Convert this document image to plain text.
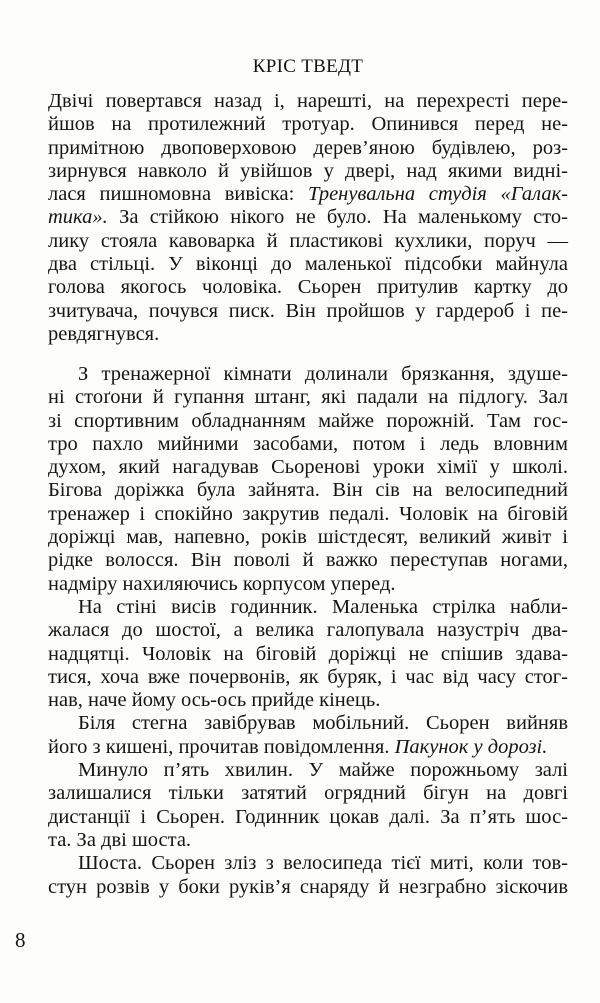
КРІС ТВЕДТ
Двічі повертався назад і, нарешті, на перехресті пере-
йшов на протилежний тротуар. Опинився перед не-
примітною двоповерховою дерев’яною будівлею, роз-
зирнувся навколо й увійшов у двері, над якими видні-
лася пишномовна вивіска: Тренувальна студія «Галак-
тика». За стійкою нікого не було. На маленькому сто-
лику стояла кавоварка й пластикові кухлики, поруч —
два стільці. У віконці до маленької підсобки майнула
голова якогось чоловіка. Сьорен притулив картку до
зчитувача, почувся писк. Він пройшов у гардероб і пе-
ревдягнувся.
З тренажерної кімнати долинали брязкання, здуше-
ні стоґони й гупання штанг, які падали на підлогу. Зал
зі спортивним обладнанням майже порожній. Там гос-
тро пахло мийними засобами, потом і ледь вловним
духом, який нагадував Сьоренові уроки хімії у школі.
Бігова доріжка була зайнята. Він сів на велосипедний
тренажер і спокійно закрутив педалі. Чоловік на біговій
доріжці мав, напевно, років шістдесят, великий живіт і
рідке волосся. Він поволі й важко переступав ногами,
надміру нахиляючись корпусом уперед.
На стіні висів годинник. Маленька стрілка набли-
жалася до шостої, а велика галопувала назустріч два-
надцятці. Чоловік на біговій доріжці не спішив здава-
тися, хоча вже почервонів, як буряк, і час від часу стог-
нав, наче йому ось-ось прийде кінець.
Біля стегна завібрував мобільний. Сьорен вийняв
його з кишені, прочитав повідомлення. Пакунок у дорозі.
Минуло п’ять хвилин. У майже порожньому залі
залишалися тільки затятий огрядний бігун на довгі
дистанції і Сьорен. Годинник цокав далі. За п’ять шос-
та. За дві шоста.
Шоста. Сьорен зліз з велосипеда тієї миті, коли тов-
стун розвів у боки руків’я снаряду й незграбно зіскочив
8
